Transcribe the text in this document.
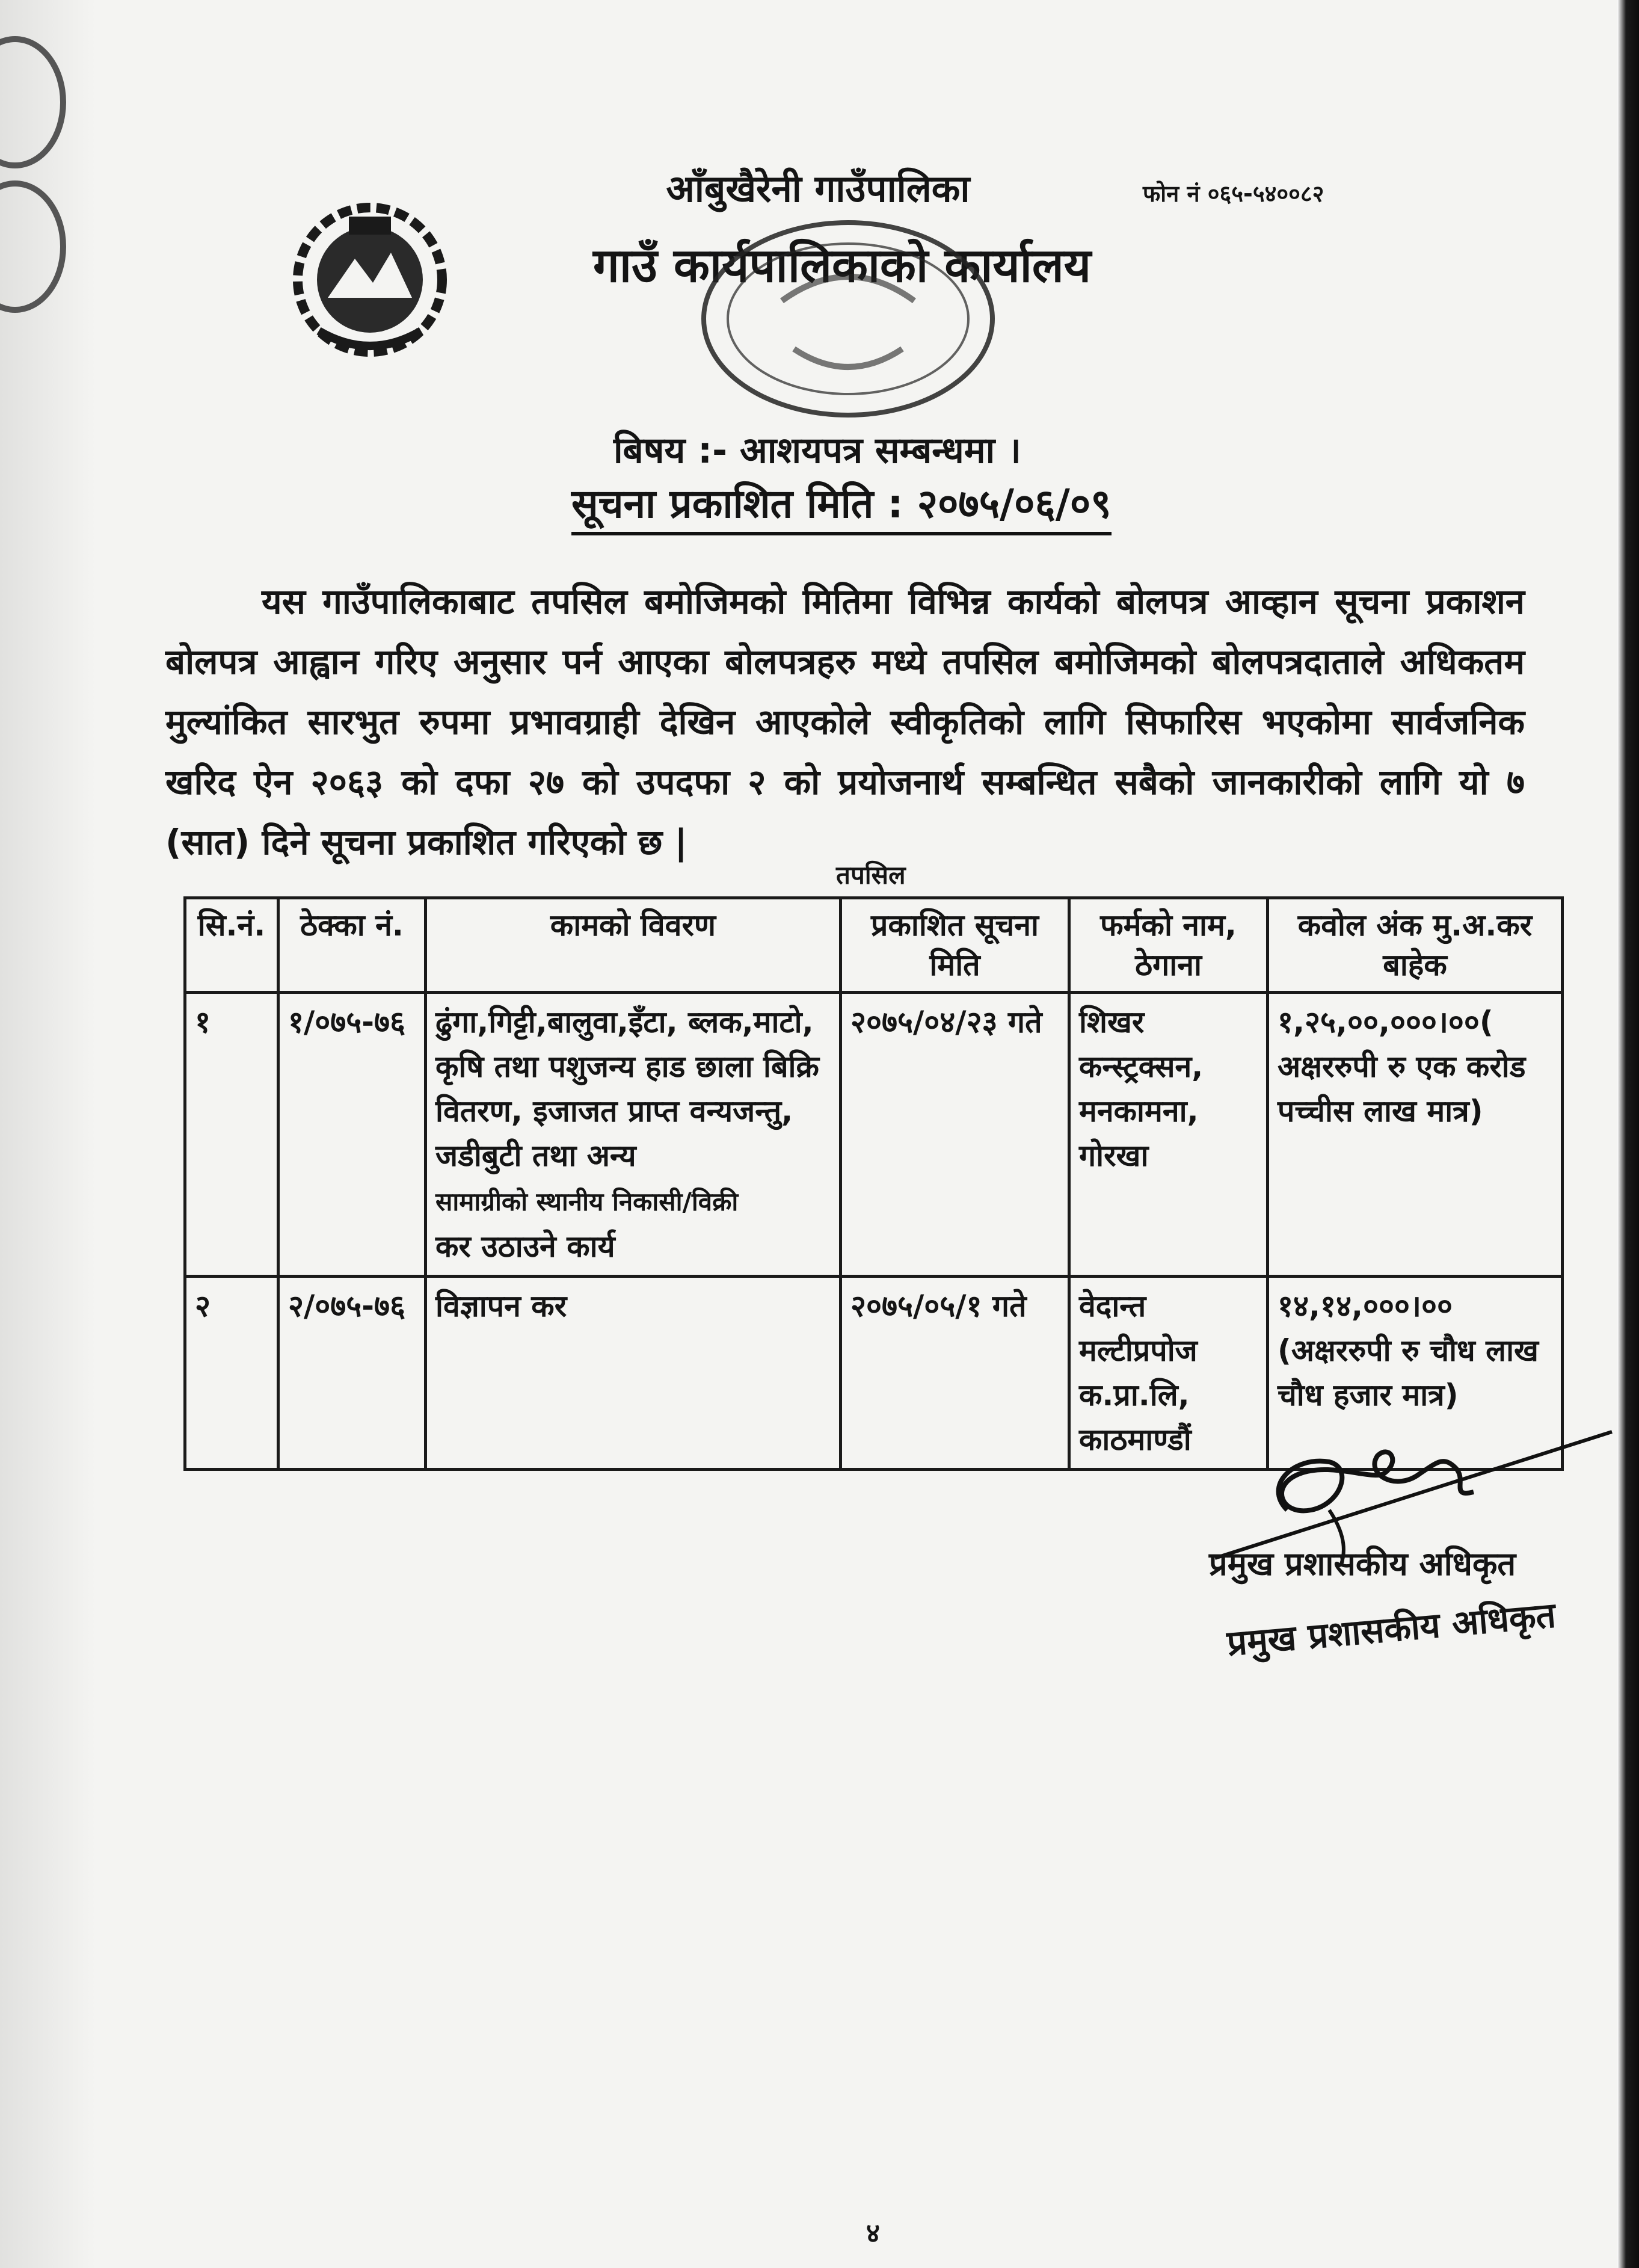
आँबुखैरेनी गाउँपालिका
गाउँ कार्यपालिकाको कार्यालय
फोन नं ०६५-५४००८२
बिषय :- आशयपत्र सम्बन्धमा ।
सूचना प्रकाशित मिति : २०७५/०६/०९
यस गाउँपालिकाबाट तपसिल बमोजिमको मितिमा विभिन्न कार्यको बोलपत्र आव्हान सूचना प्रकाशन बोलपत्र आह्वान गरिए अनुसार पर्न आएका बोलपत्रहरु मध्ये तपसिल बमोजिमको बोलपत्रदाताले अधिकतम मुल्यांकित सारभुत रुपमा प्रभावग्राही देखिन आएकोले स्वीकृतिको लागि सिफारिस भएकोमा सार्वजनिक खरिद ऐन २०६३ को दफा २७ को उपदफा २ को प्रयोजनार्थ सम्बन्धित सबैको जानकारीको लागि यो ७ (सात) दिने सूचना प्रकाशित गरिएको छ |
तपसिल
सि.नं.	ठेक्का नं.	कामको विवरण	प्रकाशित सूचना मिति	फर्मको नाम, ठेगाना	कवोल अंक मु.अ.कर बाहेक
१	१/०७५-७६	ढुंगा,गिट्टी,बालुवा,इँटा, ब्लक,माटो, कृषि तथा पशुजन्य हाड छाला बिक्रि वितरण, इजाजत प्राप्त वन्यजन्तु, जडीबुटी तथा अन्य
सामाग्रीको स्थानीय निकासी/विक्री
कर उठाउने कार्य	२०७५/०४/२३ गते	शिखर कन्स्ट्रक्सन, मनकामना, गोरखा	१,२५,००,०००।००( अक्षररुपी रु एक करोड पच्चीस लाख मात्र)
२	२/०७५-७६	विज्ञापन कर	२०७५/०५/१ गते	वेदान्त मल्टीप्रपोज क.प्रा.लि, काठमाण्डौं	१४,१४,०००।०० (अक्षररुपी रु चौध लाख चौध हजार मात्र)
प्रमुख प्रशासकीय अधिकृत
प्रमुख प्रशासकीय अधिकृत
४
